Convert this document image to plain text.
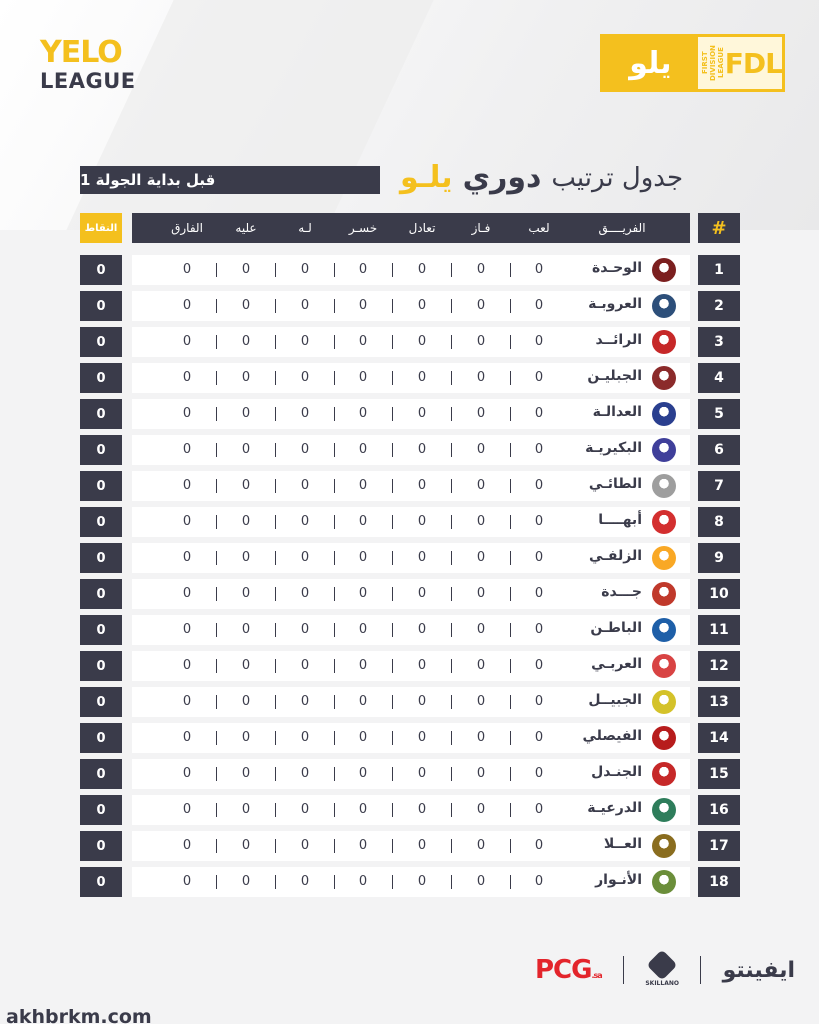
YELO
LEAGUE
يلو	FIRST DIVISION LEAGUE FDL
جدول ترتيب
دوري
يلـو
قبل بداية الجولة 1
النقاط	الفارق	عليه	لـه	خسـر	تعادل	فـاز	لعب	الفريــــق	#
0	0	0	0	0	0	0	0	الوحـدة	1
0	0	0	0	0	0	0	0	العروبـة	2
0	0	0	0	0	0	0	0	الرائــد	3
0	0	0	0	0	0	0	0	الجبليـن	4
0	0	0	0	0	0	0	0	العدالـة	5
0	0	0	0	0	0	0	0	البكيريـة	6
0	0	0	0	0	0	0	0	الطائـي	7
0	0	0	0	0	0	0	0	أبهــــا	8
0	0	0	0	0	0	0	0	الزلفـي	9
0	0	0	0	0	0	0	0	جـــدة	10
0	0	0	0	0	0	0	0	الباطـن	11
0	0	0	0	0	0	0	0	العربـي	12
0	0	0	0	0	0	0	0	الجبيــل	13
0	0	0	0	0	0	0	0	الفيصلي	14
0	0	0	0	0	0	0	0	الجنـدل	15
0	0	0	0	0	0	0	0	الدرعيـة	16
0	0	0	0	0	0	0	0	العــلا	17
0	0	0	0	0	0	0	0	الأنـوار	18
PCG.sa
SKILLANO
ايفينتو
akhbrkm.com
